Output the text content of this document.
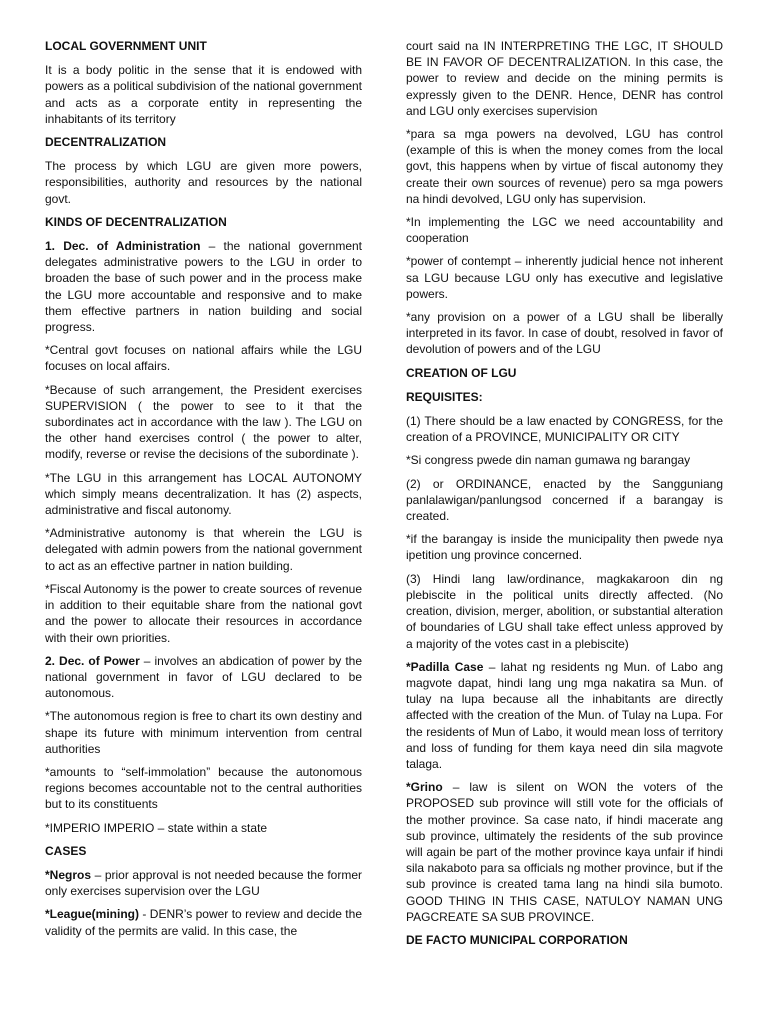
LOCAL GOVERNMENT UNIT

It is a body politic in the sense that it is endowed with powers as a political subdivision of the national government and acts as a corporate entity in representing the inhabitants of its territory

DECENTRALIZATION

The process by which LGU are given more powers, responsibilities, authority and resources by the national govt.

KINDS OF DECENTRALIZATION

1. Dec. of Administration – the national government delegates administrative powers to the LGU in order to broaden the base of such power and in the process make the LGU more accountable and responsive and to make them effective partners in nation building and social progress.

*Central govt focuses on national affairs while the LGU focuses on local affairs.

*Because of such arrangement, the President exercises SUPERVISION ( the power to see to it that the subordinates act in accordance with the law ). The LGU on the other hand exercises control ( the power to alter, modify, reverse or revise the decisions of the subordinate ).

*The LGU in this arrangement has LOCAL AUTONOMY which simply means decentralization. It has (2) aspects, administrative and fiscal autonomy.

*Administrative autonomy is that wherein the LGU is delegated with admin powers from the national government to act as an effective partner in nation building.

*Fiscal Autonomy is the power to create sources of revenue in addition to their equitable share from the national govt and the power to allocate their resources in accordance with their own priorities.

2. Dec. of Power – involves an abdication of power by the national government in favor of LGU declared to be autonomous.

*The autonomous region is free to chart its own destiny and shape its future with minimum intervention from central authorities

*amounts to “self-immolation” because the autonomous regions becomes accountable not to the central authorities but to its constituents

*IMPERIO IMPERIO – state within a state

CASES

*Negros – prior approval is not needed because the former only exercises supervision over the LGU

*League(mining) - DENR’s power to review and decide the validity of the permits are valid. In this case, the

court said na IN INTERPRETING THE LGC, IT SHOULD BE IN FAVOR OF DECENTRALIZATION. In this case, the power to review and decide on the mining permits is expressly given to the DENR. Hence, DENR has control and LGU only exercises supervision

*para sa mga powers na devolved, LGU has control (example of this is when the money comes from the local govt, this happens when by virtue of fiscal autonomy they create their own sources of revenue) pero sa mga powers na hindi devolved, LGU only has supervision.

*In implementing the LGC we need accountability and cooperation

*power of contempt – inherently judicial hence not inherent sa LGU because LGU only has executive and legislative powers.

*any provision on a power of a LGU shall be liberally interpreted in its favor. In case of doubt, resolved in favor of devolution of powers and of the LGU

CREATION OF LGU

REQUISITES:

(1) There should be a law enacted by CONGRESS, for the creation of a PROVINCE, MUNICIPALITY OR CITY

*Si congress pwede din naman gumawa ng barangay

(2) or ORDINANCE, enacted by the Sangguniang panlalawigan/panlungsod concerned if a barangay is created.

*if the barangay is inside the municipality then pwede nya ipetition ung province concerned.

(3) Hindi lang law/ordinance, magkakaroon din ng plebiscite in the political units directly affected. (No creation, division, merger, abolition, or substantial alteration of boundaries of LGU shall take effect unless approved by a majority of the votes cast in a plebiscite)

*Padilla Case – lahat ng residents ng Mun. of Labo ang magvote dapat, hindi lang ung mga nakatira sa Mun. of tulay na lupa because all the inhabitants are directly affected with the creation of the Mun. of Tulay na Lupa. For the residents of Mun of Labo, it would mean loss of territory and loss of funding for them kaya need din sila magvote talaga.

*Grino – law is silent on WON the voters of the PROPOSED sub province will still vote for the officials of the mother province. Sa case nato, if hindi macerate ang sub province, ultimately the residents of the sub province will again be part of the mother province kaya unfair if hindi sila nakaboto para sa officials ng mother province, but if the sub province is created tama lang na hindi sila bumoto. GOOD THING IN THIS CASE, NATULOY NAMAN UNG PAGCREATE SA SUB PROVINCE.

DE FACTO MUNICIPAL CORPORATION
